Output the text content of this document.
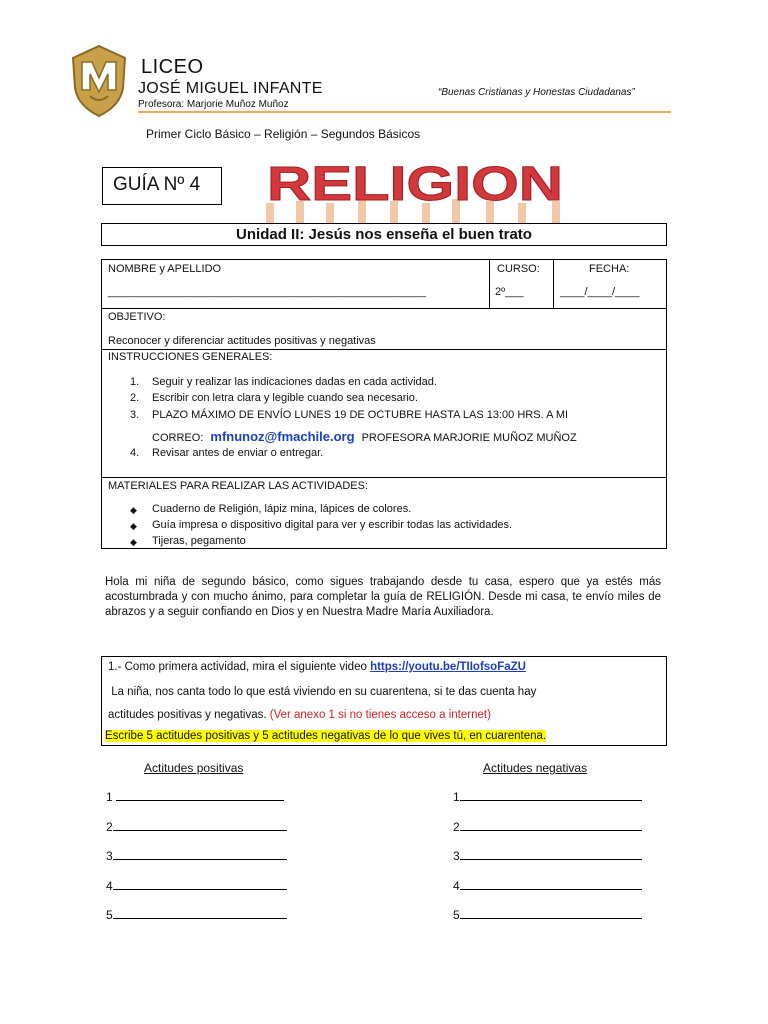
LICEO
JOSÉ MIGUEL INFANTE
Profesora: Marjorie Muñoz Muñoz
“Buenas Cristianas y Honestas Ciudadanas”
Primer Ciclo Básico – Religión – Segundos Básicos
GUÍA Nº 4	RELIGION
Unidad II: Jesús nos enseña el buen trato
NOMBRE y APELLIDO
____________________________________________________
CURSO:
2º___
FECHA:
____/____/____
OBJETIVO:
Reconocer y diferenciar actitudes positivas y negativas
INSTRUCCIONES GENERALES:
1. Seguir y realizar las indicaciones dadas en cada actividad.
2. Escribir con letra clara y legible cuando sea necesario.
3. PLAZO MÁXIMO DE ENVÍO LUNES 19 DE OCTUBRE HASTA LAS 13:00 HRS. A MI
CORREO: mfnunoz@fmachile.org PROFESORA MARJORIE MUÑOZ MUÑOZ
4. Revisar antes de enviar o entregar.
MATERIALES PARA REALIZAR LAS ACTIVIDADES:
◆ Cuaderno de Religión, lápiz mina, lápices de colores.
◆ Guía impresa o dispositivo digital para ver y escribir todas las actividades.
◆ Tijeras, pegamento
Hola mi niña de segundo básico, como sigues trabajando desde tu casa, espero que ya estés más acostumbrada y con mucho ánimo, para completar la guía de RELIGIÓN. Desde mi casa, te envío miles de abrazos y a seguir confiando en Dios y en Nuestra Madre María Auxiliadora.
1.- Como primera actividad, mira el siguiente video https://youtu.be/TIIofsoFaZU
La niña, nos canta todo lo que está viviendo en su cuarentena, si te das cuenta hay
actitudes positivas y negativas. (Ver anexo 1 si no tienes acceso a internet)
Escribe 5 actitudes positivas y 5 actitudes negativas de lo que vives tú, en cuarentena.
Actitudes positivas	Actitudes negativas
1
2
3
4
5
1
2
3
4
5
